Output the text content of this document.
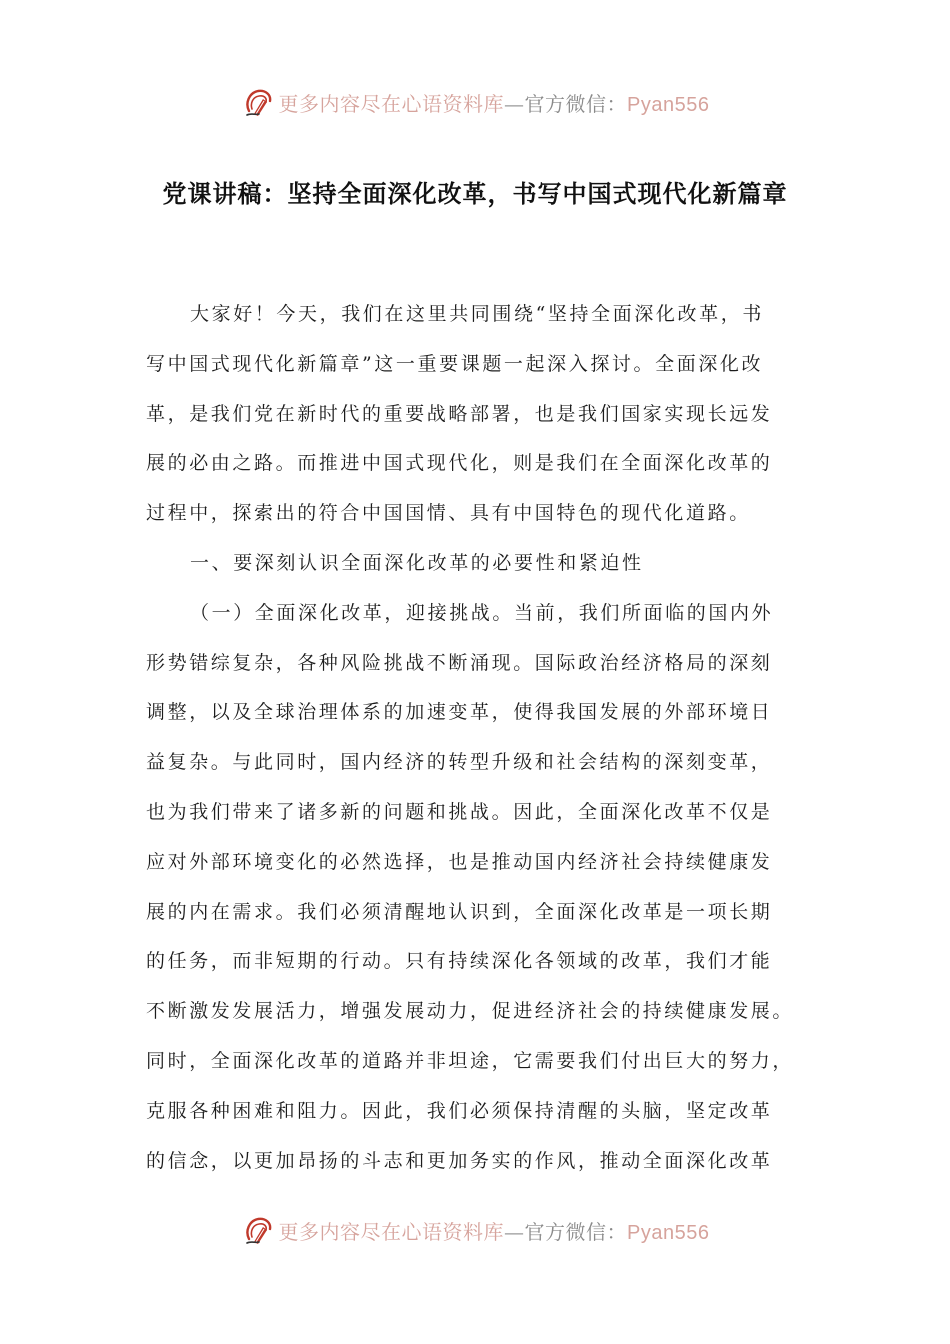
更多内容尽在心语资料库—官方微信：Pyan556
党课讲稿：坚持全面深化改革，书写中国式现代化新篇章
大家好！今天，我们在这里共同围绕“坚持全面深化改革，书
写中国式现代化新篇章”这一重要课题一起深入探讨。全面深化改
革，是我们党在新时代的重要战略部署，也是我们国家实现长远发
展的必由之路。而推进中国式现代化，则是我们在全面深化改革的
过程中，探索出的符合中国国情、具有中国特色的现代化道路。
一、要深刻认识全面深化改革的必要性和紧迫性
（一）全面深化改革，迎接挑战。当前，我们所面临的国内外
形势错综复杂，各种风险挑战不断涌现。国际政治经济格局的深刻
调整，以及全球治理体系的加速变革，使得我国发展的外部环境日
益复杂。与此同时，国内经济的转型升级和社会结构的深刻变革，
也为我们带来了诸多新的问题和挑战。因此，全面深化改革不仅是
应对外部环境变化的必然选择，也是推动国内经济社会持续健康发
展的内在需求。我们必须清醒地认识到，全面深化改革是一项长期
的任务，而非短期的行动。只有持续深化各领域的改革，我们才能
不断激发发展活力，增强发展动力，促进经济社会的持续健康发展。
同时，全面深化改革的道路并非坦途，它需要我们付出巨大的努力，
克服各种困难和阻力。因此，我们必须保持清醒的头脑，坚定改革
的信念，以更加昂扬的斗志和更加务实的作风，推动全面深化改革
更多内容尽在心语资料库—官方微信：Pyan556
